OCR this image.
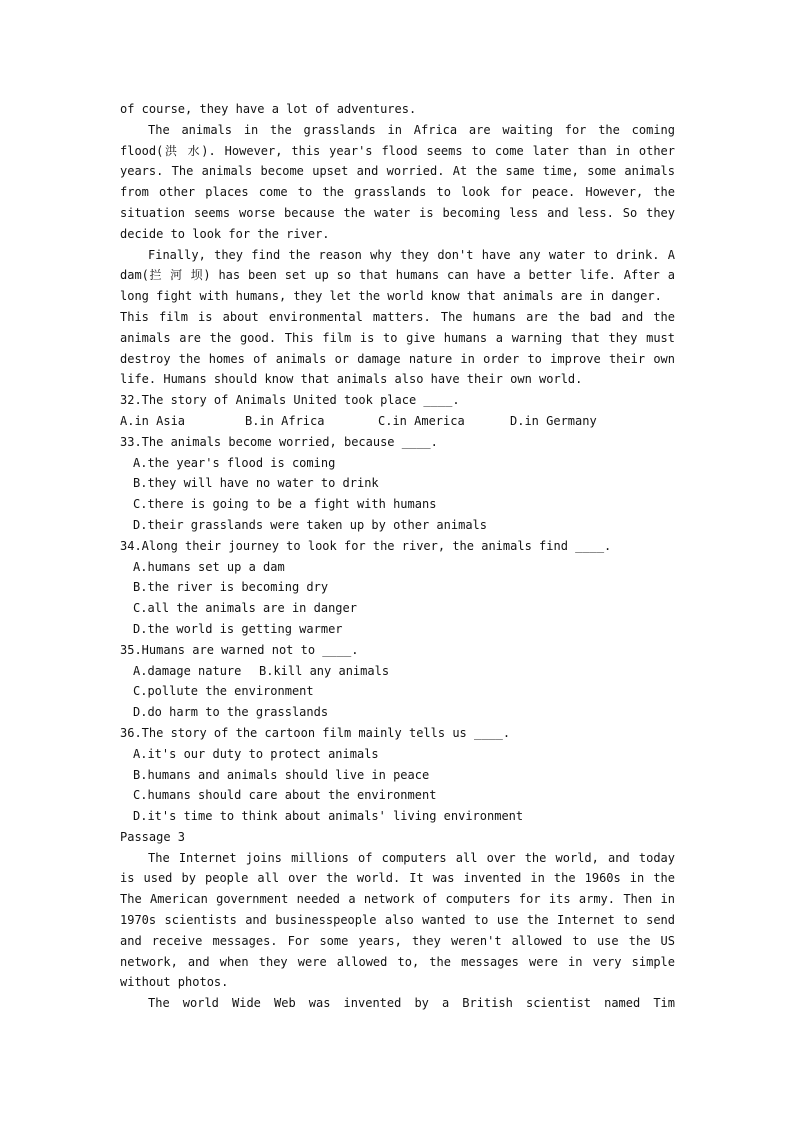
of course, they have a lot of adventures.
The animals in the grasslands in Africa are waiting for the coming
flood(洪 水). However, this year's flood seems to come later than in other
years. The animals become upset and worried. At the same time, some animals
from other places come to the grasslands to look for peace. However, the
situation seems worse because the water is becoming less and less. So they
decide to look for the river.
Finally, they find the reason why they don't have any water to drink. A
dam(拦 河 坝) has been set up so that humans can have a better life. After a
long fight with humans, they let the world know that animals are in danger.
This film is about environmental matters. The humans are the bad and the
animals are the good. This film is to give humans a warning that they must
destroy the homes of animals or damage nature in order to improve their own
life. Humans should know that animals also have their own world.
32.The story of Animals United took place ____.
A.in Asia	B.in Africa	C.in America	D.in Germany
33.The animals become worried, because ____.
A.the year's flood is coming
B.they will have no water to drink
C.there is going to be a fight with humans
D.their grasslands were taken up by other animals
34.Along their journey to look for the river, the animals find ____.
A.humans set up a dam
B.the river is becoming dry
C.all the animals are in danger
D.the world is getting warmer
35.Humans are warned not to ____.
A.damage nature	B.kill any animals
C.pollute the environment
D.do harm to the grasslands
36.The story of the cartoon film mainly tells us ____.
A.it's our duty to protect animals
B.humans and animals should live in peace
C.humans should care about the environment
D.it's time to think about animals' living environment
Passage 3
The Internet joins millions of computers all over the world, and today
is used by people all over the world. It was invented in the 1960s in the
The American government needed a network of computers for its army. Then in
1970s scientists and businesspeople also wanted to use the Internet to send
and receive messages. For some years, they weren't allowed to use the US
network, and when they were allowed to, the messages were in very simple
without photos.
The world Wide Web was invented by a British scientist named Tim
